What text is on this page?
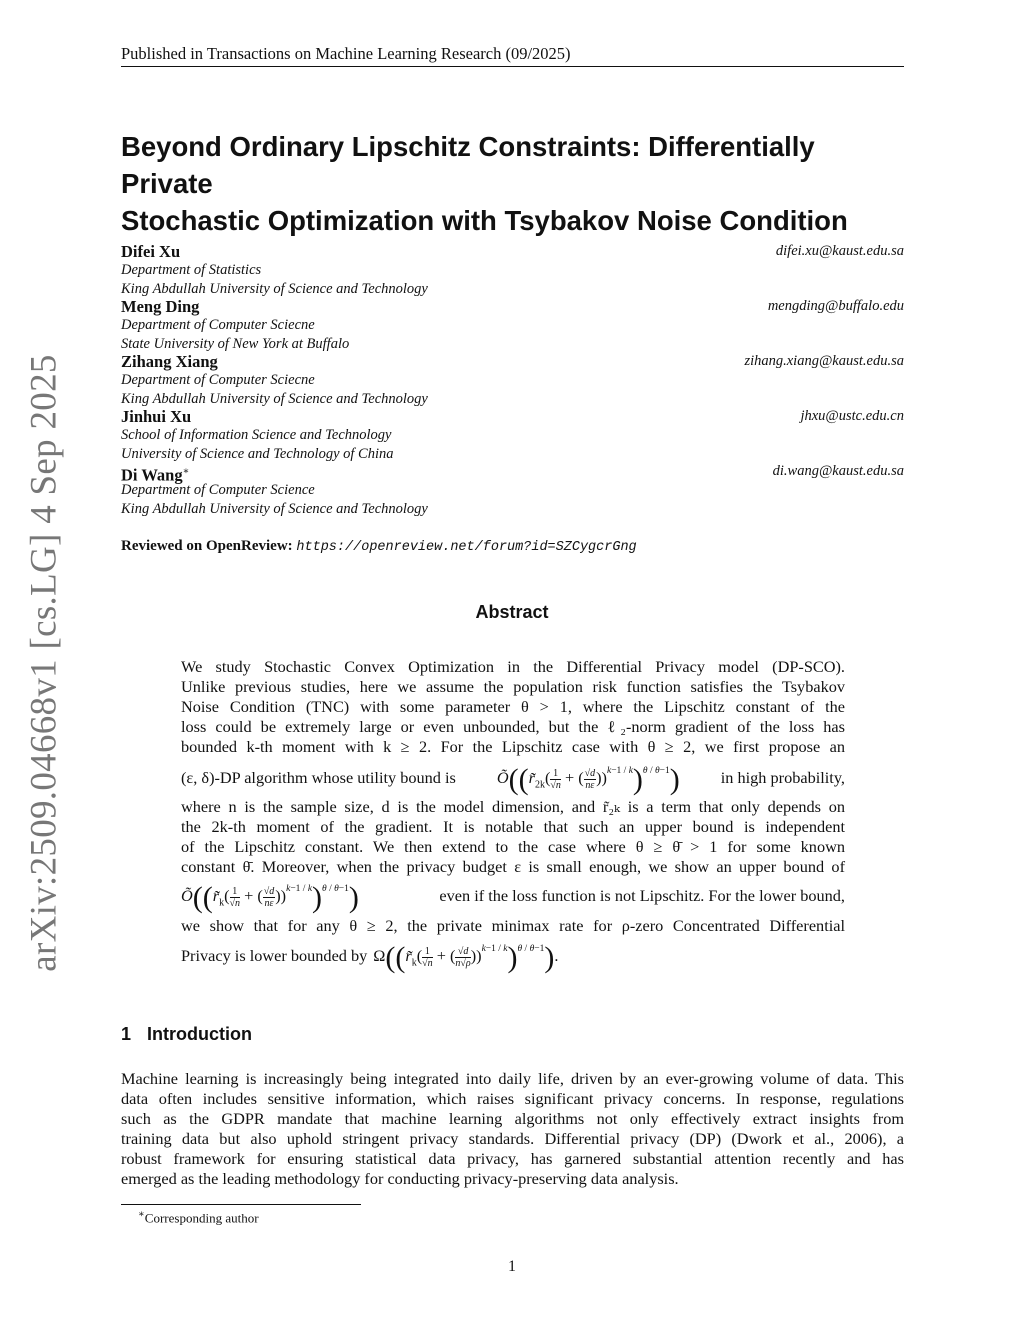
Published in Transactions on Machine Learning Research (09/2025)
arXiv:2509.04668v1 [cs.LG] 4 Sep 2025
Beyond Ordinary Lipschitz Constraints: Differentially Private
Stochastic Optimization with Tsybakov Noise Condition
Difei Xu	difei.xu@kaust.edu.sa
Department of Statistics
King Abdullah University of Science and Technology
Meng Ding	mengding@buffalo.edu
Department of Computer Sciecne
State University of New York at Buffalo
Zihang Xiang	zihang.xiang@kaust.edu.sa
Department of Computer Sciecne
King Abdullah University of Science and Technology
Jinhui Xu	jhxu@ustc.edu.cn
School of Information Science and Technology
University of Science and Technology of China
Di Wang∗	di.wang@kaust.edu.sa
Department of Computer Science
King Abdullah University of Science and Technology
Reviewed on OpenReview: https://openreview.net/forum?id=SZCygcrGng
Abstract
We study Stochastic Convex Optimization in the Differential Privacy model (DP-SCO).
Unlike previous studies, here we assume the population risk function satisfies the Tsybakov
Noise Condition (TNC) with some parameter θ > 1, where the Lipschitz constant of the
loss could be extremely large or even unbounded, but the ℓ₂-norm gradient of the loss has
bounded k-th moment with k ≥ 2. For the Lipschitz case with θ ≥ 2, we first propose an
(ε, δ)-DP algorithm whose utility bound is	$Õ((r̃_{2k}( \frac{1}{√n}$ + ( $\frac{√d}{n\varepsilon} ))^{k-1 / k})^{\theta / \theta-1}$)	in high probability,
where n is the sample size, d is the model dimension, and r̃₂ₖ is a term that only depends on
the 2k-th moment of the gradient. It is notable that such an upper bound is independent
of the Lipschitz constant. We then extend to the case where θ ≥ θ̄ > 1 for some known
constant θ̄. Moreover, when the privacy budget ε is small enough, we show an upper bound of
$Õ((r̃_k( \frac{1}{√n}$ + ( $\frac{√d}{n\varepsilon} ))^{k-1 / k})^{\theta / \theta-1}$)	even if the loss function is not Lipschitz. For the lower bound,
we show that for any θ ≥ 2, the private minimax rate for ρ-zero Concentrated Differential
Privacy is lower bounded by $\Omega((r̃_k( \frac{1}{√n}$ + ( $\frac{√d}{n√\rho} ))^{k-1 / k})^{\theta / \theta-1}$).
1 Introduction
Machine learning is increasingly being integrated into daily life, driven by an ever-growing volume of data. This
data often includes sensitive information, which raises significant privacy concerns. In response, regulations
such as the GDPR mandate that machine learning algorithms not only effectively extract insights from
training data but also uphold stringent privacy standards. Differential privacy (DP) (Dwork et al., 2006), a
robust framework for ensuring statistical data privacy, has garnered substantial attention recently and has
emerged as the leading methodology for conducting privacy-preserving data analysis.
∗Corresponding author
1
